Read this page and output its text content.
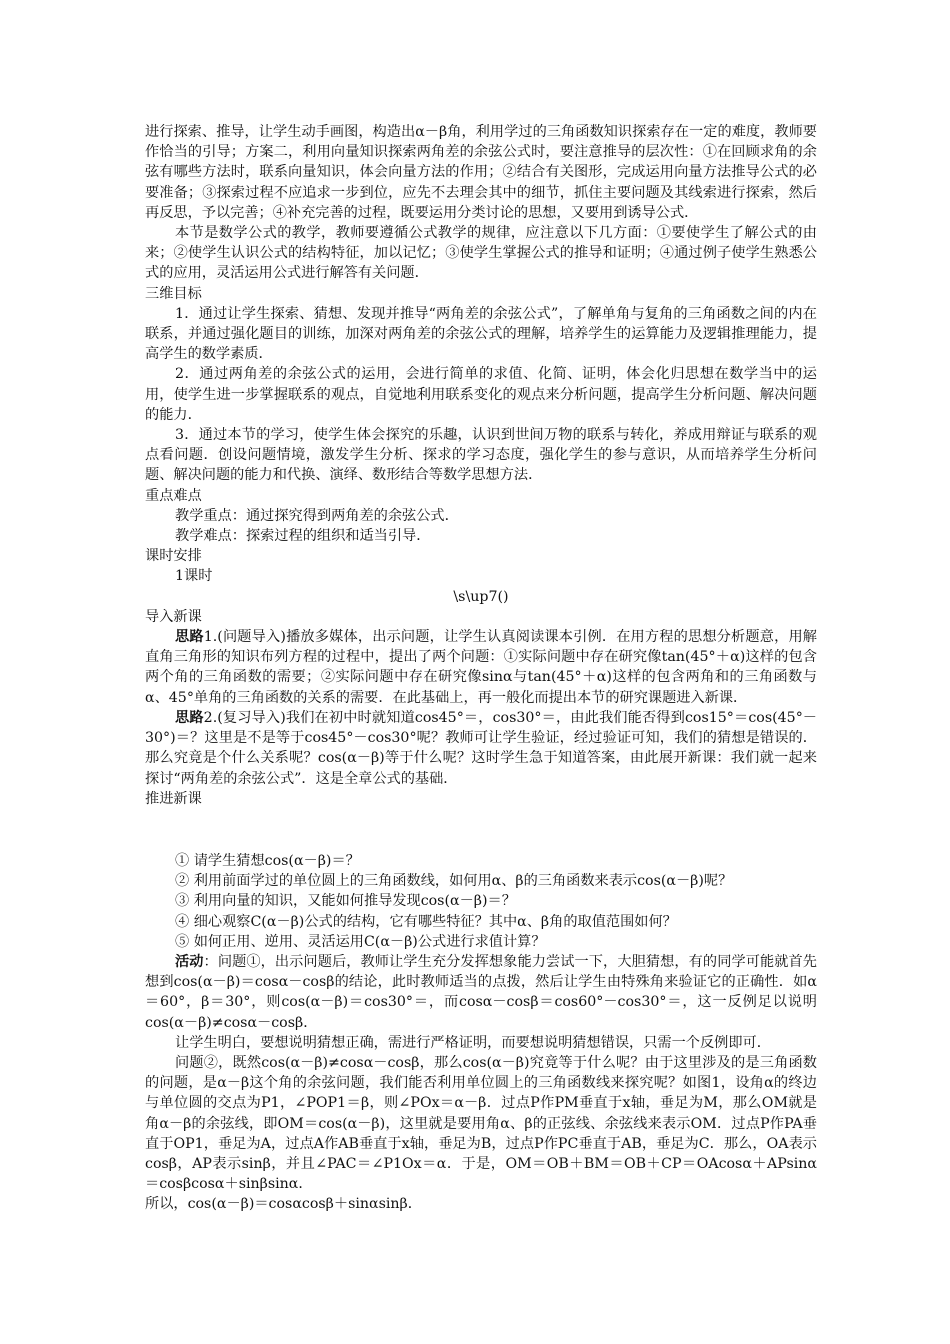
进行探索、推导，让学生动手画图，构造出α－β角，利用学过的三角函数知识探索存在一定的难度，教师要作恰当的引导；方案二，利用向量知识探索两角差的余弦公式时，要注意推导的层次性：①在回顾求角的余弦有哪些方法时，联系向量知识，体会向量方法的作用；②结合有关图形，完成运用向量方法推导公式的必要准备；③探索过程不应追求一步到位，应先不去理会其中的细节，抓住主要问题及其线索进行探索，然后再反思，予以完善；④补充完善的过程，既要运用分类讨论的思想，又要用到诱导公式．

本节是数学公式的教学，教师要遵循公式教学的规律，应注意以下几方面：①要使学生了解公式的由来；②使学生认识公式的结构特征，加以记忆；③使学生掌握公式的推导和证明；④通过例子使学生熟悉公式的应用，灵活运用公式进行解答有关问题．

三维目标

1．通过让学生探索、猜想、发现并推导“两角差的余弦公式”，了解单角与复角的三角函数之间的内在联系，并通过强化题目的训练，加深对两角差的余弦公式的理解，培养学生的运算能力及逻辑推理能力，提高学生的数学素质．

2．通过两角差的余弦公式的运用，会进行简单的求值、化简、证明，体会化归思想在数学当中的运用，使学生进一步掌握联系的观点，自觉地利用联系变化的观点来分析问题，提高学生分析问题、解决问题的能力．

3．通过本节的学习，使学生体会探究的乐趣，认识到世间万物的联系与转化，养成用辩证与联系的观点看问题．创设问题情境，激发学生分析、探求的学习态度，强化学生的参与意识，从而培养学生分析问题、解决问题的能力和代换、演绎、数形结合等数学思想方法．

重点难点

教学重点：通过探究得到两角差的余弦公式．

教学难点：探索过程的组织和适当引导．

课时安排

1课时

\s\up7()

导入新课

思路1.(问题导入)播放多媒体，出示问题，让学生认真阅读课本引例．在用方程的思想分析题意，用解直角三角形的知识布列方程的过程中，提出了两个问题：①实际问题中存在研究像tan(45°＋α)这样的包含两个角的三角函数的需要；②实际问题中存在研究像sinα与tan(45°＋α)这样的包含两角和的三角函数与α、45°单角的三角函数的关系的需要．在此基础上，再一般化而提出本节的研究课题进入新课．

思路2.(复习导入)我们在初中时就知道cos45°＝，cos30°＝，由此我们能否得到cos15°＝cos(45°－30°)＝？这里是不是等于cos45°－cos30°呢？教师可让学生验证，经过验证可知，我们的猜想是错误的．那么究竟是个什么关系呢？cos(α－β)等于什么呢？这时学生急于知道答案，由此展开新课：我们就一起来探讨“两角差的余弦公式”．这是全章公式的基础．

推进新课

① 请学生猜想cos(α－β)＝？

② 利用前面学过的单位圆上的三角函数线，如何用α、β的三角函数来表示cos(α－β)呢？

③ 利用向量的知识，又能如何推导发现cos(α－β)＝？

④ 细心观察C(α－β)公式的结构，它有哪些特征？其中α、β角的取值范围如何？

⑤ 如何正用、逆用、灵活运用C(α－β)公式进行求值计算？

活动：问题①，出示问题后，教师让学生充分发挥想象能力尝试一下，大胆猜想，有的同学可能就首先想到cos(α－β)＝cosα－cosβ的结论，此时教师适当的点拨，然后让学生由特殊角来验证它的正确性．如α＝60°，β＝30°，则cos(α－β)＝cos30°＝，而cosα－cosβ＝cos60°－cos30°＝，这一反例足以说明cos(α－β)≠cosα－cosβ．

让学生明白，要想说明猜想正确，需进行严格证明，而要想说明猜想错误，只需一个反例即可．

问题②，既然cos(α－β)≠cosα－cosβ，那么cos(α－β)究竟等于什么呢？由于这里涉及的是三角函数的问题，是α－β这个角的余弦问题，我们能否利用单位圆上的三角函数线来探究呢？如图1，设角α的终边与单位圆的交点为P1，∠POP1＝β，则∠POx＝α－β．过点P作PM垂直于x轴，垂足为M，那么OM就是角α－β的余弦线，即OM＝cos(α－β)，这里就是要用角α、β的正弦线、余弦线来表示OM．过点P作PA垂直于OP1，垂足为A，过点A作AB垂直于x轴，垂足为B，过点P作PC垂直于AB，垂足为C．那么，OA表示cosβ，AP表示sinβ，并且∠PAC＝∠P1Ox＝α．于是，OM＝OB＋BM＝OB＋CP＝OAcosα＋APsinα＝cosβcosα＋sinβsinα．

所以，cos(α－β)＝cosαcosβ＋sinαsinβ．
